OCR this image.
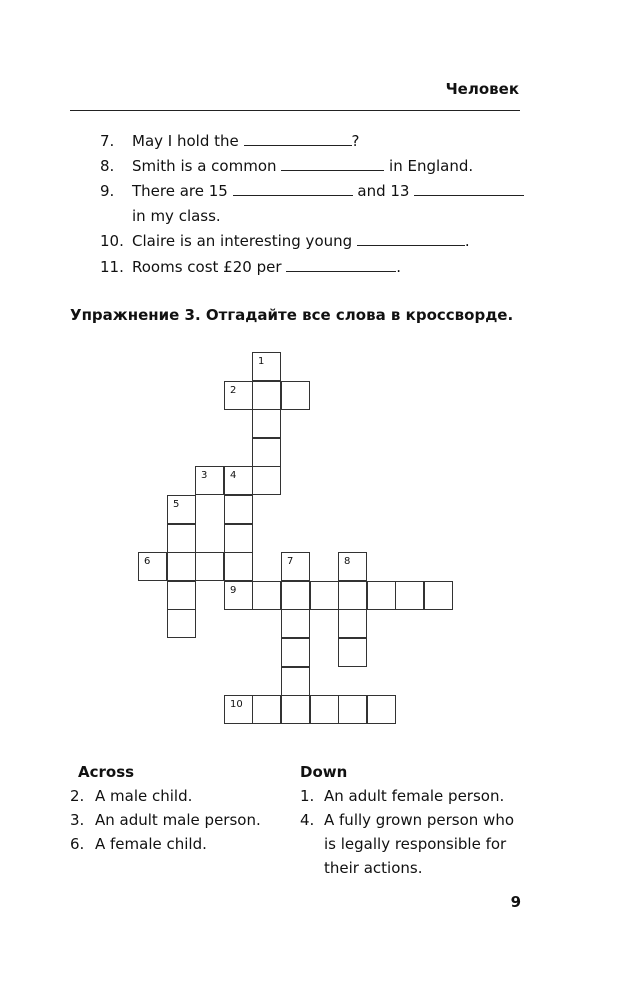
Человек
7. May I hold the	?
8. Smith is a common	in England.
9. There are 15	and 13
in my class.
10. Claire is an interesting young	.
11. Rooms cost £20 per	.
Упражнение 3. Отгадайте все слова в кроссворде.
1
2
3 4
5
6	7	8
9
10
Across
2. A male child.
3. An adult male person.
6. A female child.
Down
1. An adult female person.
4. A fully grown person who
is legally responsible for
their actions.
9
